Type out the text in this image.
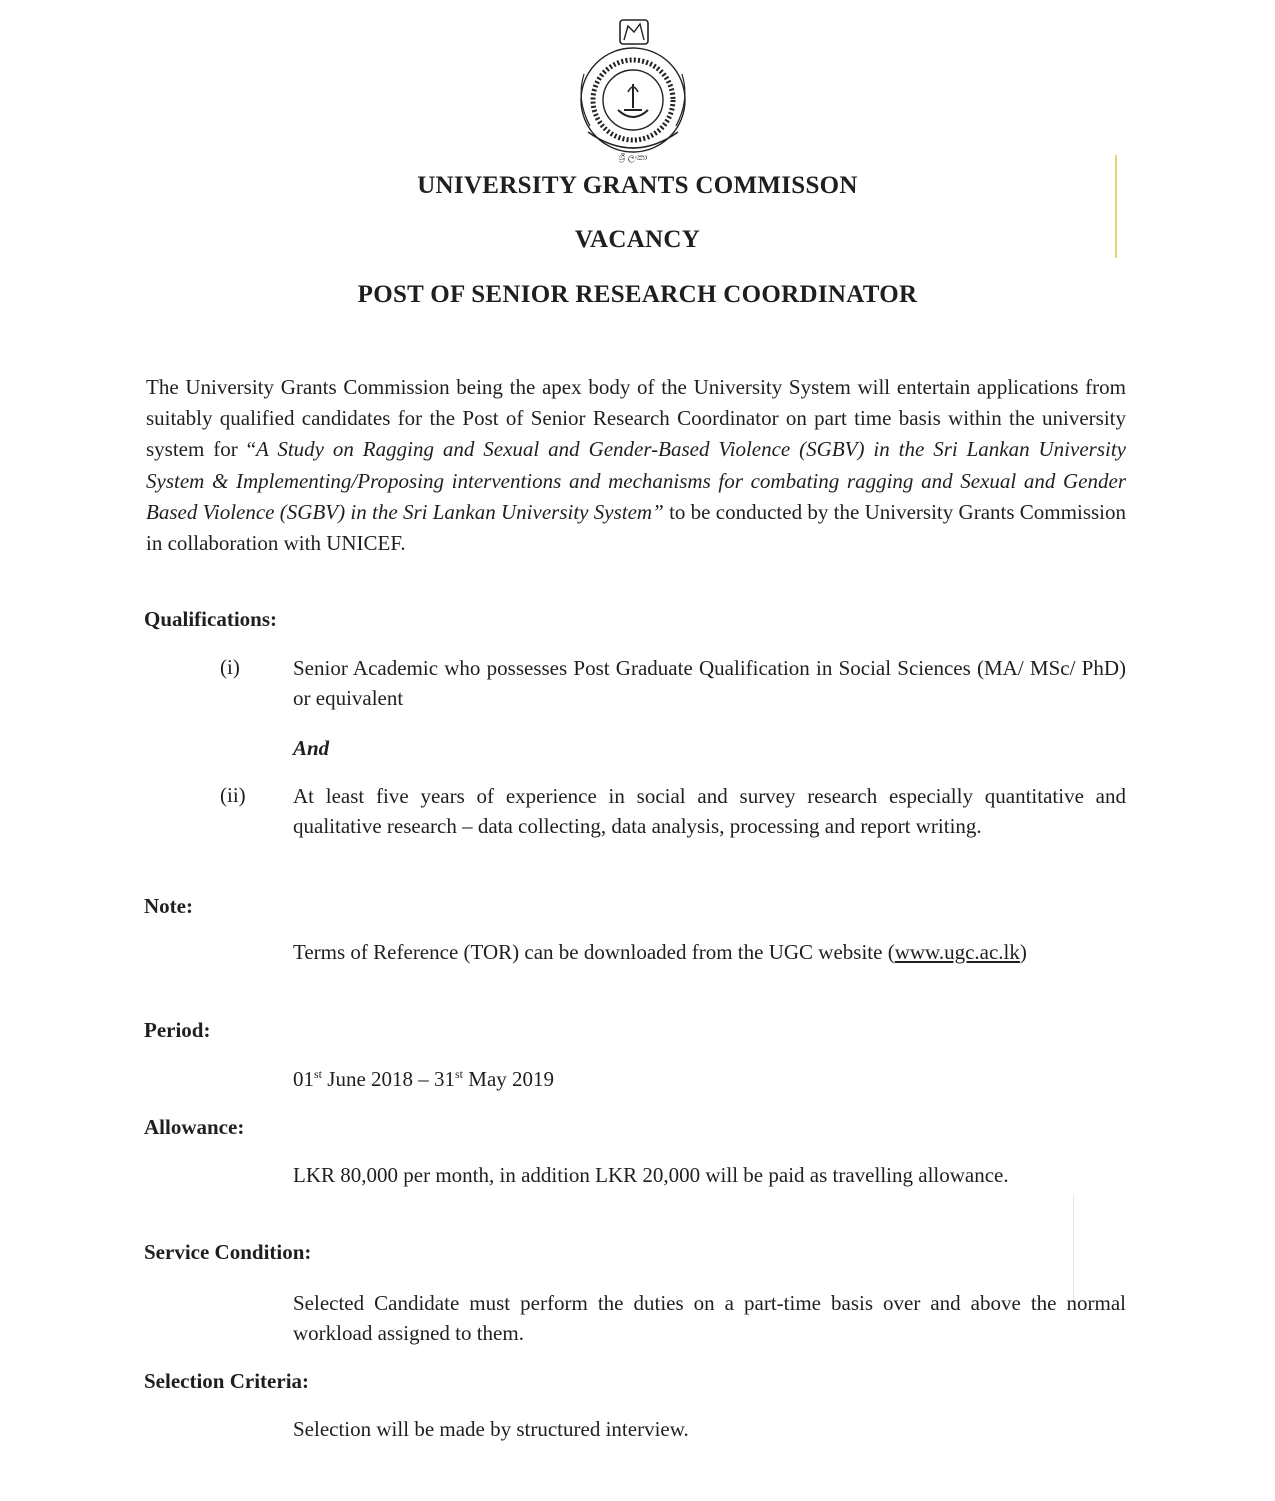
ශ්‍රී ලංකා
UNIVERSITY GRANTS COMMISSON
VACANCY
POST OF SENIOR RESEARCH COORDINATOR

The University Grants Commission being the apex body of the University System will entertain applications from suitably qualified candidates for the Post of Senior Research Coordinator on part time basis within the university system for “A Study on Ragging and Sexual and Gender-Based Violence (SGBV) in the Sri Lankan University System & Implementing/Proposing interventions and mechanisms for combating ragging and Sexual and Gender Based Violence (SGBV) in the Sri Lankan University System” to be conducted by the University Grants Commission in collaboration with UNICEF.

Qualifications:

(i)	Senior Academic who possesses Post Graduate Qualification in Social Sciences (MA/ MSc/ PhD) or equivalent

And

(ii) At least five years of experience in social and survey research especially quantitative and qualitative research – data collecting, data analysis, processing and report writing.

Note:

Terms of Reference (TOR) can be downloaded from the UGC website (www.ugc.ac.lk)

Period:

01st June 2018 – 31st May 2019

Allowance:

LKR 80,000 per month, in addition LKR 20,000 will be paid as travelling allowance.

Service Condition:

Selected Candidate must perform the duties on a part-time basis over and above the normal workload assigned to them.

Selection Criteria:

Selection will be made by structured interview.
